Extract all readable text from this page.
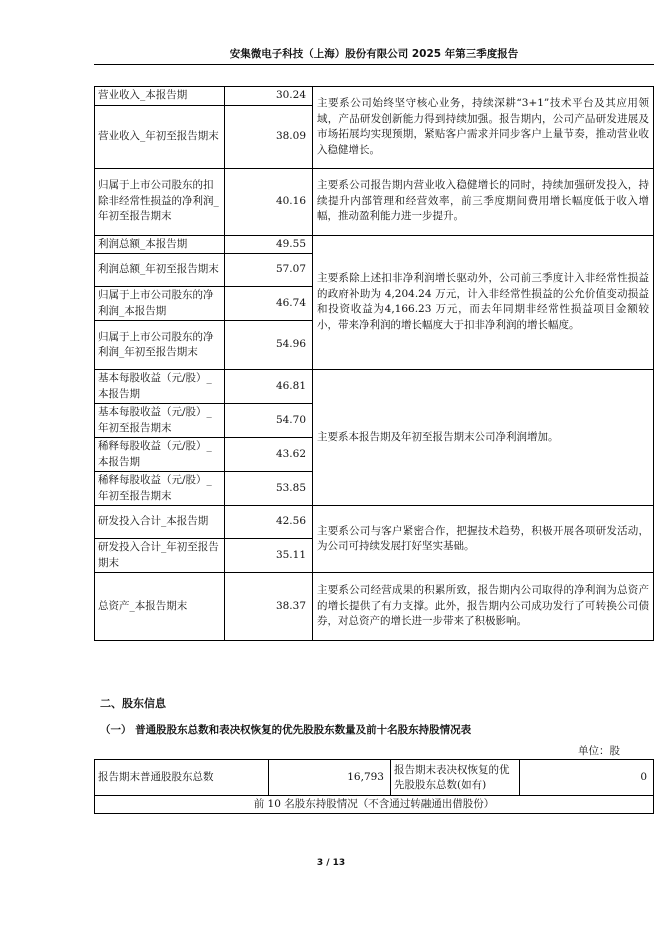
安集微电子科技（上海）股份有限公司 2025 年第三季度报告
营业收入_本报告期	30.24	主要系公司始终坚守核心业务，持续深耕“3+1”技术平台及其应用领域，产品研发创新能力得到持续加强。报告期内，公司产品研发进展及市场拓展均实现预期，紧贴客户需求并同步客户上量节奏，推动营业收入稳健增长。
营业收入_年初至报告期末	38.09	
归属于上市公司股东的扣除非经常性损益的净利润_年初至报告期末	40.16	主要系公司报告期内营业收入稳健增长的同时，持续加强研发投入，持续提升内部管理和经营效率，前三季度期间费用增长幅度低于收入增幅，推动盈利能力进一步提升。
利润总额_本报告期	49.55	主要系除上述扣非净利润增长驱动外，公司前三季度计入非经常性损益的政府补助为 4,204.24 万元，计入非经常性损益的公允价值变动损益和投资收益为4,166.23 万元，而去年同期非经常性损益项目金额较小，带来净利润的增长幅度大于扣非净利润的增长幅度。
利润总额_年初至报告期末	57.07	
归属于上市公司股东的净利润_本报告期	46.74	
归属于上市公司股东的净利润_年初至报告期末	54.96	
基本每股收益（元/股）_本报告期	46.81	主要系本报告期及年初至报告期末公司净利润增加。
基本每股收益（元/股）_年初至报告期末	54.70	
稀释每股收益（元/股）_本报告期	43.62	
稀释每股收益（元/股）_年初至报告期末	53.85	
研发投入合计_本报告期	42.56	主要系公司与客户紧密合作，把握技术趋势，积极开展各项研发活动，为公司可持续发展打好坚实基础。
研发投入合计_年初至报告期末	35.11	
总资产_本报告期末	38.37	主要系公司经营成果的积累所致，报告期内公司取得的净利润为总资产的增长提供了有力支撑。此外，报告期内公司成功发行了可转换公司债券，对总资产的增长进一步带来了积极影响。
二、股东信息
（一） 普通股股东总数和表决权恢复的优先股股东数量及前十名股东持股情况表
单位：股
报告期末普通股股东总数	16,793	报告期末表决权恢复的优先股股东总数(如有)	0
前 10 名股东持股情况（不含通过转融通出借股份）
3 / 13
